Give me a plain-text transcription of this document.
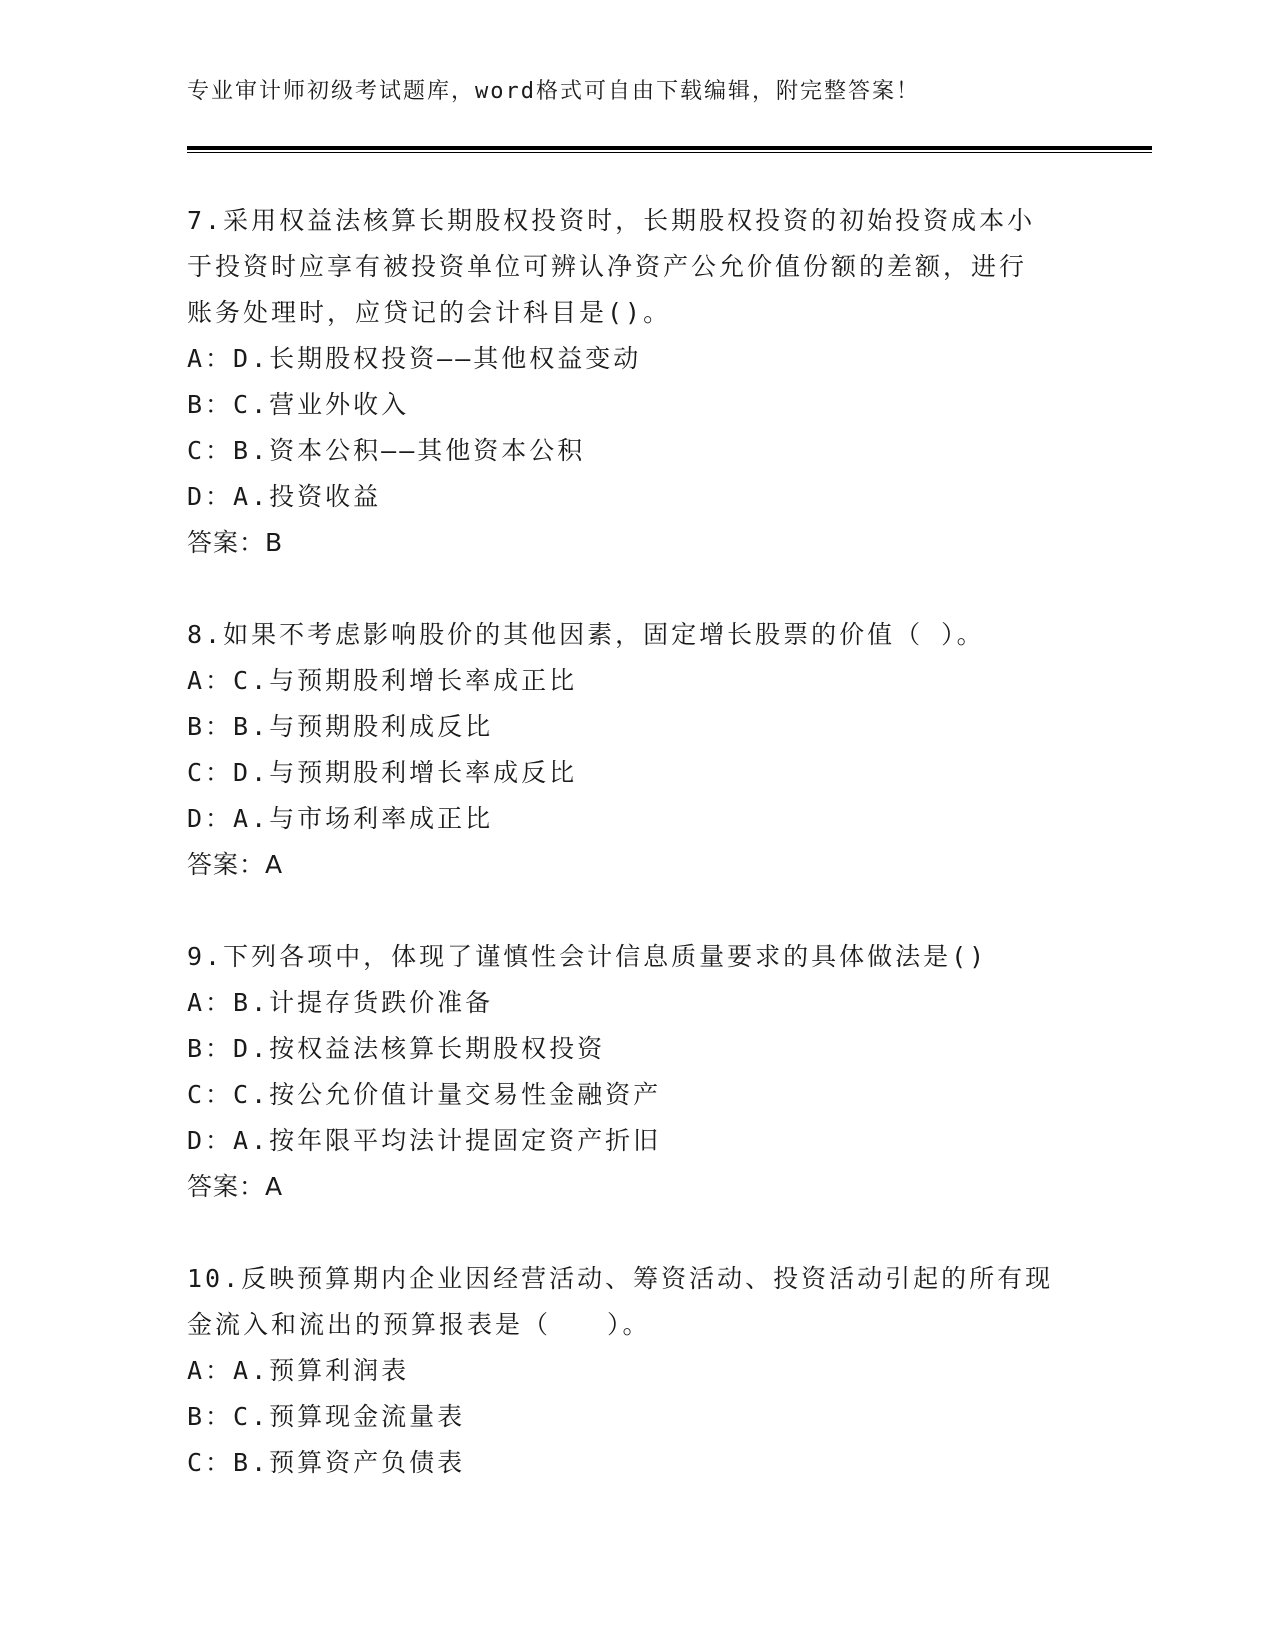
专业审计师初级考试题库，word格式可自由下载编辑，附完整答案！
7.采用权益法核算长期股权投资时，长期股权投资的初始投资成本小
于投资时应享有被投资单位可辨认净资产公允价值份额的差额，进行
账务处理时，应贷记的会计科目是()。
A：D.长期股权投资——其他权益变动
B：C.营业外收入
C：B.资本公积——其他资本公积
D：A.投资收益
答案：B
8.如果不考虑影响股价的其他因素，固定增长股票的价值（ ）。
A：C.与预期股利增长率成正比
B：B.与预期股利成反比
C：D.与预期股利增长率成反比
D：A.与市场利率成正比
答案：A
9.下列各项中，体现了谨慎性会计信息质量要求的具体做法是()
A：B.计提存货跌价准备
B：D.按权益法核算长期股权投资
C：C.按公允价值计量交易性金融资产
D：A.按年限平均法计提固定资产折旧
答案：A
10.反映预算期内企业因经营活动、筹资活动、投资活动引起的所有现
金流入和流出的预算报表是（　　）。
A：A.预算利润表
B：C.预算现金流量表
C：B.预算资产负债表
